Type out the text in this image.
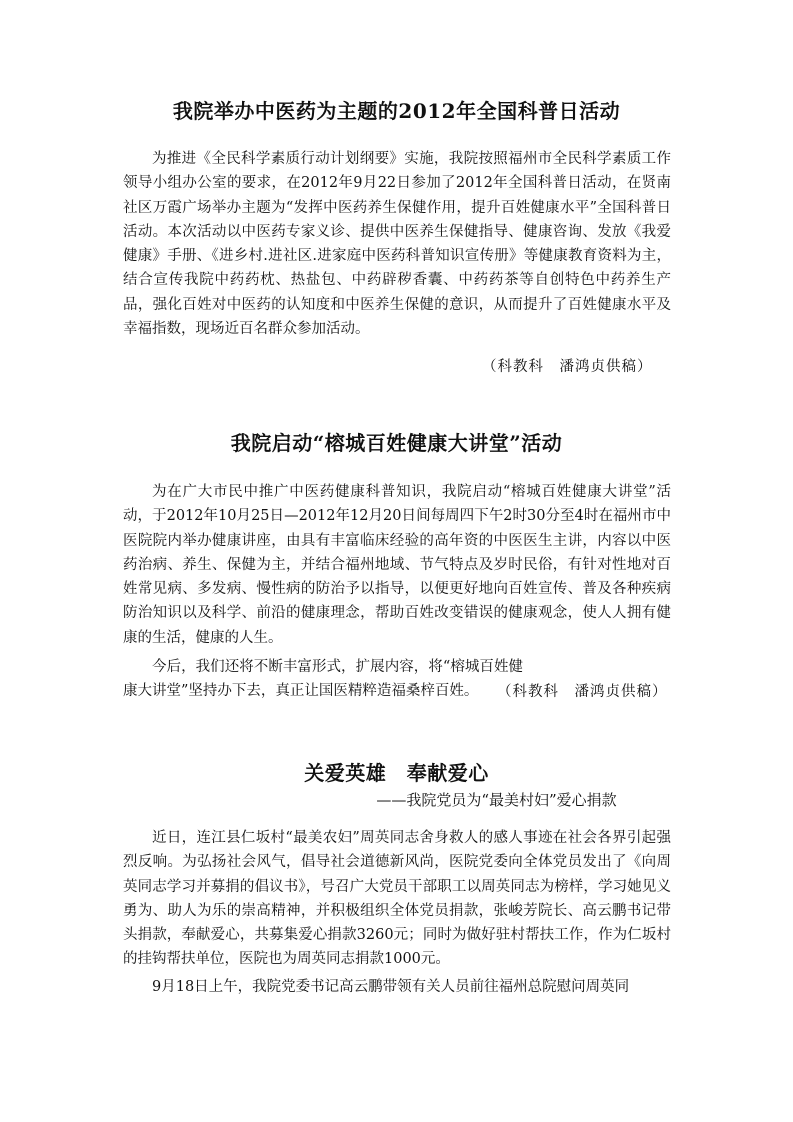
我院举办中医药为主题的2012年全国科普日活动

为推进《全民科学素质行动计划纲要》实施，我院按照福州市全民科学素质工作领导小组办公室的要求，在2012年9月22日参加了2012年全国科普日活动，在贤南社区万霞广场举办主题为“发挥中医药养生保健作用，提升百姓健康水平”全国科普日活动。本次活动以中医药专家义诊、提供中医养生保健指导、健康咨询、发放《我爱健康》手册、《进乡村.进社区.进家庭中医药科普知识宣传册》等健康教育资料为主，结合宣传我院中药药枕、热盐包、中药辟秽香囊、中药药茶等自创特色中药养生产品，强化百姓对中医药的认知度和中医养生保健的意识，从而提升了百姓健康水平及幸福指数，现场近百名群众参加活动。

（科教科　潘鸿贞供稿）
我院启动“榕城百姓健康大讲堂”活动

为在广大市民中推广中医药健康科普知识，我院启动“榕城百姓健康大讲堂”活动，于2012年10月25日—2012年12月20日间每周四下午2时30分至4时在福州市中医院院内举办健康讲座，由具有丰富临床经验的高年资的中医医生主讲，内容以中医药治病、养生、保健为主，并结合福州地域、节气特点及岁时民俗，有针对性地对百姓常见病、多发病、慢性病的防治予以指导，以便更好地向百姓宣传、普及各种疾病防治知识以及科学、前沿的健康理念，帮助百姓改变错误的健康观念，使人人拥有健康的生活，健康的人生。

今后，我们还将不断丰富形式，扩展内容，将“榕城百姓健康大讲堂”坚持办下去，真正让国医精粹造福桑梓百姓。	（科教科　潘鸿贞供稿）
关爱英雄　奉献爱心
——我院党员为“最美村妇”爱心捐款

近日，连江县仁坂村“最美农妇”周英同志舍身救人的感人事迹在社会各界引起强烈反响。为弘扬社会风气，倡导社会道德新风尚，医院党委向全体党员发出了《向周英同志学习并募捐的倡议书》，号召广大党员干部职工以周英同志为榜样，学习她见义勇为、助人为乐的崇高精神，并积极组织全体党员捐款，张峻芳院长、高云鹏书记带头捐款，奉献爱心，共募集爱心捐款3260元；同时为做好驻村帮扶工作，作为仁坂村的挂钩帮扶单位，医院也为周英同志捐款1000元。

9月18日上午，我院党委书记高云鹏带领有关人员前往福州总院慰问周英同
